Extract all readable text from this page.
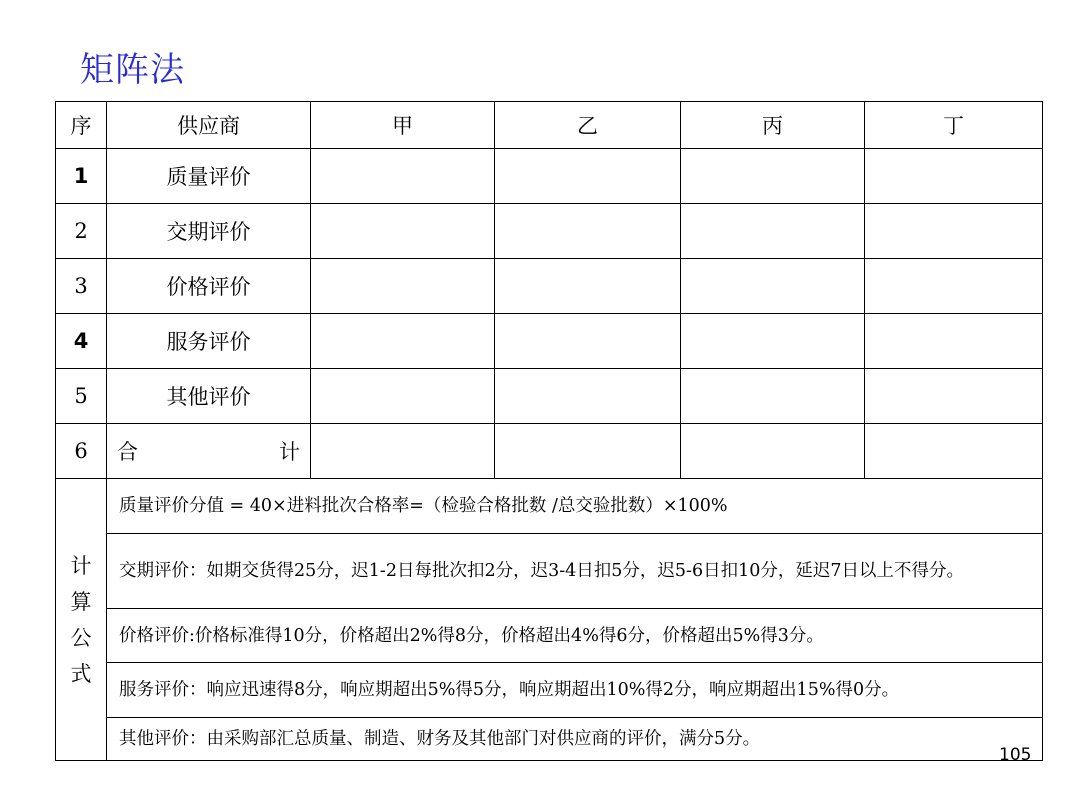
矩阵法
序	供应商	甲	乙	丙	丁
1	质量评价				
2	交期评价				
3	价格评价				
4	服务评价				
5	其他评价				
6	合 计				

计
算
公
式	质量评价分值 = 40×进料批次合格率=（检验合格批数 /总交验批数）×100%				
	交期评价：如期交货得25分，迟1-2日每批次扣2分，迟3-4日扣5分，迟5-6日扣10分，延迟7日以上不得分。				
	价格评价:价格标准得10分，价格超出2%得8分，价格超出4%得6分，价格超出5%得3分。				
	服务评价：响应迅速得8分，响应期超出5%得5分，响应期超出10%得2分，响应期超出15%得0分。				
	其他评价：由采购部汇总质量、制造、财务及其他部门对供应商的评价，满分5分。				
105
